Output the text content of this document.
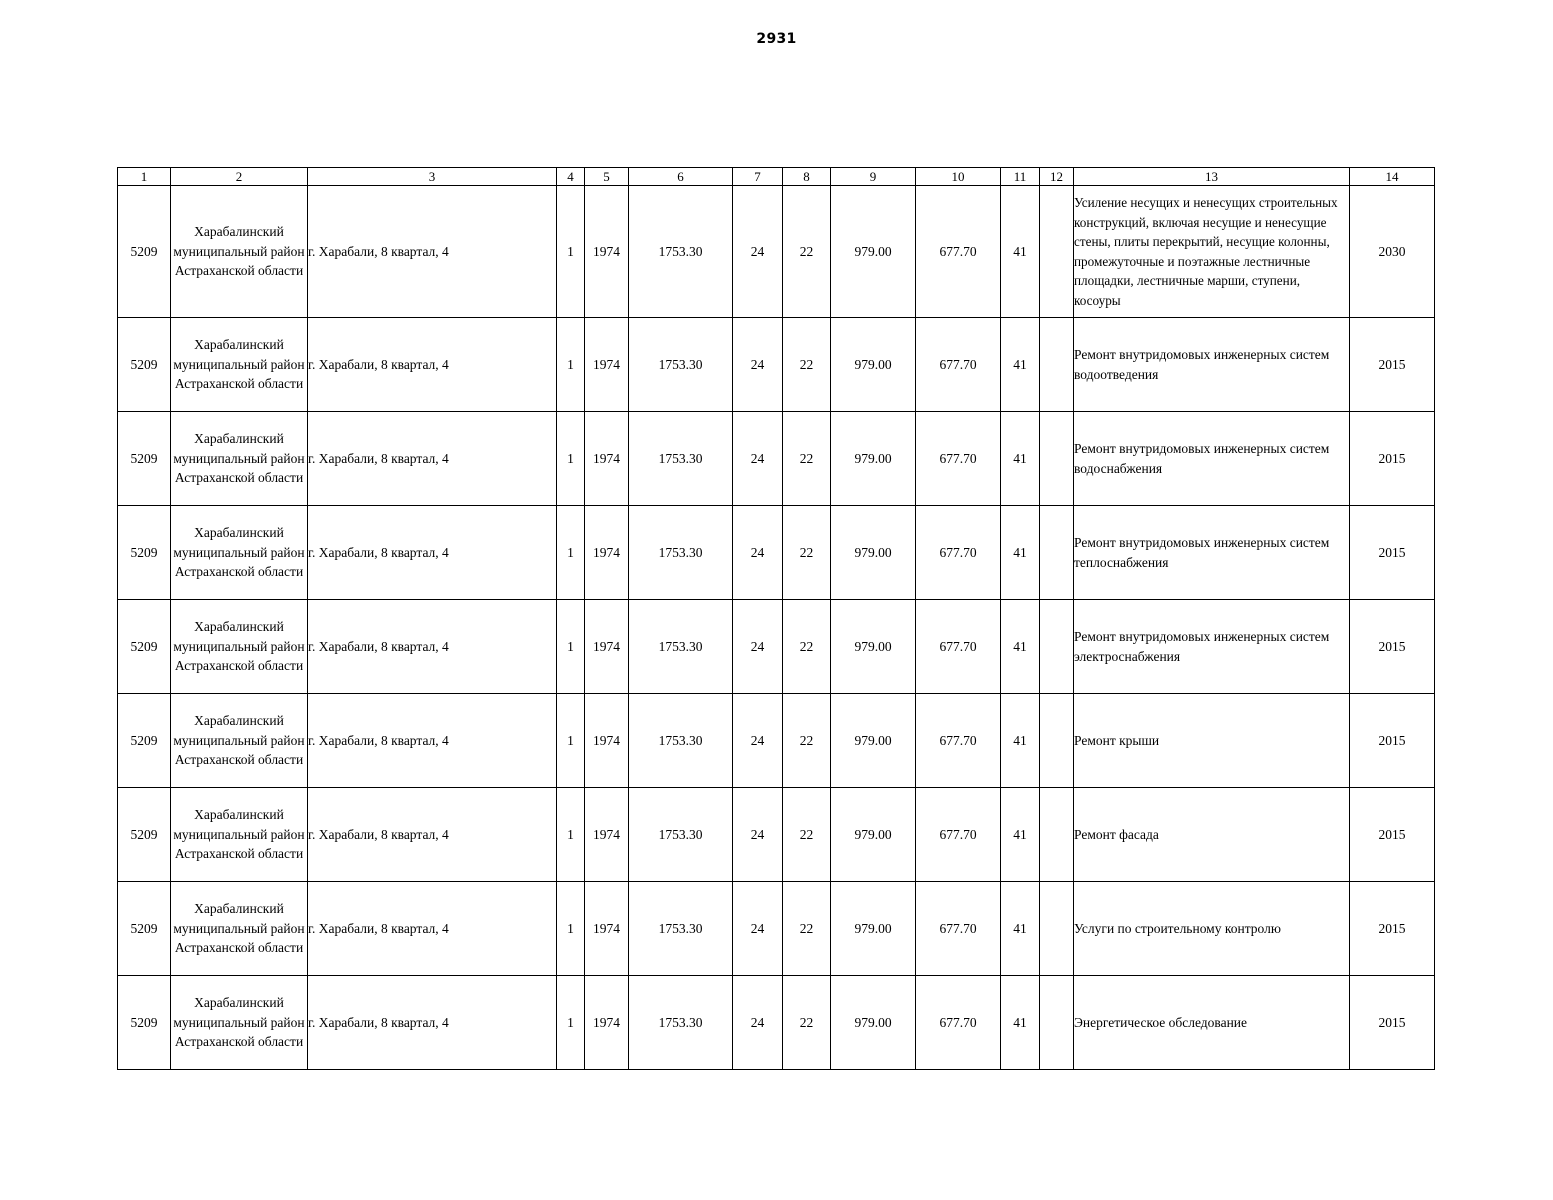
2931
1	2	3	4	5	6	7	8	9	10	11	12	13	14
5209	Харабалинский муниципальный район Астраханской области	г. Харабали, 8 квартал, 4	1	1974	1753.30	24	22	979.00	677.70	41		Усиление несущих и ненесущих строительных конструкций, включая несущие и ненесущие стены, плиты перекрытий, несущие колонны, промежуточные и поэтажные лестничные площадки, лестничные марши, ступени, косоуры	2030
5209	Харабалинский муниципальный район Астраханской области	г. Харабали, 8 квартал, 4	1	1974	1753.30	24	22	979.00	677.70	41		Ремонт внутридомовых инженерных систем водоотведения	2015
5209	Харабалинский муниципальный район Астраханской области	г. Харабали, 8 квартал, 4	1	1974	1753.30	24	22	979.00	677.70	41		Ремонт внутридомовых инженерных систем водоснабжения	2015
5209	Харабалинский муниципальный район Астраханской области	г. Харабали, 8 квартал, 4	1	1974	1753.30	24	22	979.00	677.70	41		Ремонт внутридомовых инженерных систем теплоснабжения	2015
5209	Харабалинский муниципальный район Астраханской области	г. Харабали, 8 квартал, 4	1	1974	1753.30	24	22	979.00	677.70	41		Ремонт внутридомовых инженерных систем электроснабжения	2015
5209	Харабалинский муниципальный район Астраханской области	г. Харабали, 8 квартал, 4	1	1974	1753.30	24	22	979.00	677.70	41		Ремонт крыши	2015
5209	Харабалинский муниципальный район Астраханской области	г. Харабали, 8 квартал, 4	1	1974	1753.30	24	22	979.00	677.70	41		Ремонт фасада	2015
5209	Харабалинский муниципальный район Астраханской области	г. Харабали, 8 квартал, 4	1	1974	1753.30	24	22	979.00	677.70	41		Услуги по строительному контролю	2015
5209	Харабалинский муниципальный район Астраханской области	г. Харабали, 8 квартал, 4	1	1974	1753.30	24	22	979.00	677.70	41		Энергетическое обследование	2015
